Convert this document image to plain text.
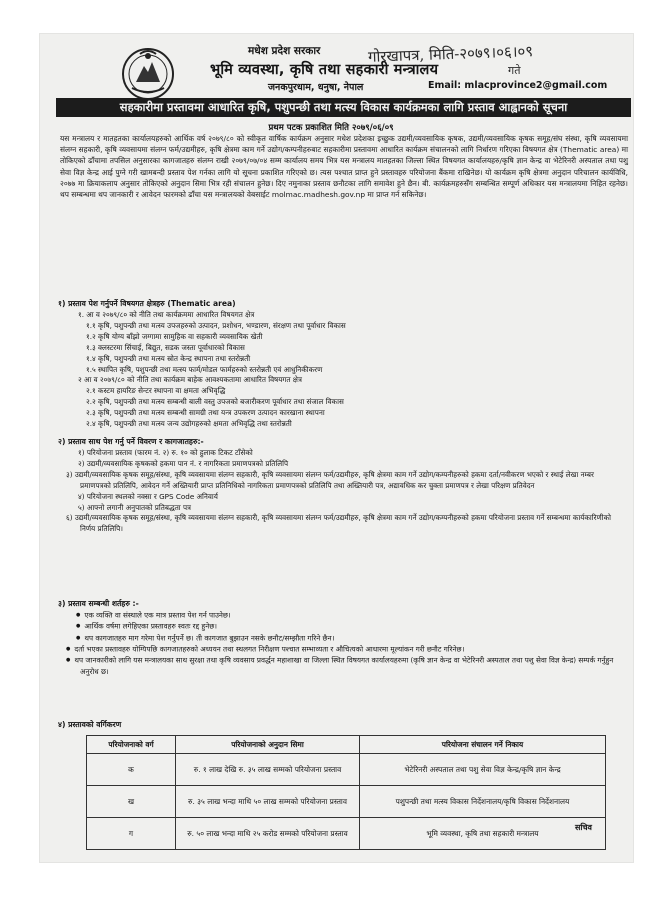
मधेश प्रदेश सरकार
भूमि व्यवस्था, कृषि तथा सहकारी मन्त्रालय
जनकपुरधाम, धनुषा, नेपाल	Email: mlacprovince2@gmail.com
गोरखापत्र, मिति-२०७९।०६।०९
गते
सहकारीमा प्रस्तावमा आधारित कृषि, पशुपन्छी तथा मत्स्य विकास कार्यक्रमका लागि प्रस्ताव आह्वानको सूचना
प्रथम पटक प्रकाशित मिति २०७९/०६/०९
यस मन्त्रालय र मातहतका कार्यालयहरुको आर्थिक वर्ष २०७९/८० को स्वीकृत वार्षिक कार्यक्रम अनुसार मधेश प्रदेशका इच्छुक उद्यमी/व्यवसायिक कृषक, उद्यमी/व्यवसायिक कृषक समूह/संघ संस्था, कृषि व्यवसायमा संलग्न सहकारी, कृषि व्यवसायमा संलग्न फर्म/उद्यमीहरु, कृषि क्षेत्रमा काम गर्ने उद्योग/कम्पनीहरुबाट सहकारीमा प्रस्तावमा आधारित कार्यक्रम संचालनको लागि निर्धारण गरिएका विषयगत क्षेत्र (Thematic area) मा तोकिएको ढाँचामा तपसिल अनुसारका कागजातहरु संलग्न राखी २०७९/०७/०४ सम्म कार्यालय समय भित्र यस मन्त्रालय मातहतका जिल्ला स्थित विषयगत कार्यालयहरु/कृषि ज्ञान केन्द्र वा भेटेरिनरी अस्पताल तथा पशु सेवा विज्ञ केन्द्र आई पुग्ने गरी खामबन्दी प्रस्ताव पेश गर्नका लागि यो सूचना प्रकाशित गरिएको छ। त्यस पश्चात प्राप्त हुने प्रस्तावहरु परियोजना बैंकमा राखिनेछ। यो कार्यक्रम कृषि क्षेत्रमा अनुदान परिचालन कार्यविधि, २०७७ मा क्रियाकलाप अनुसार तोकिएको अनुदान सिमा भित्र रही संचालन हुनेछ। दिए नमुनाका प्रस्ताव छनौटका लागि समावेश हुने छैन। बी. कार्यक्रमहरुसँग सम्बन्धित सम्पूर्ण अधिकार यस मन्त्रालयमा निहित रहनेछ। थप सम्बन्धमा थप जानकारी र आवेदन फारमको ढाँचा यस मन्त्रालयको वेबसाईट molmac.madhesh.gov.np मा प्राप्त गर्न सकिनेछ।
१) प्रस्ताव पेश गर्नुपर्ने विषयगत क्षेत्रहरु (Thematic area)
१. आ व २०७९/८० को नीति तथा कार्यक्रममा आधारित विषयगत क्षेत्र
१.१ कृषि, पशुपन्छी तथा मत्स्य उपजहरुको उत्पादन, प्रशोधन, भण्डारण, संरक्षण तथा पूर्वाधार विकास
१.२ कृषि योग्य बाँझो जग्गामा सामुहिक वा सहकारी व्यवसायिक खेती
१.३ क्लस्टरमा सिंचाई, बिद्युत, सडक जस्ता पूर्वाधारको विकास
१.४ कृषि, पशुपन्छी तथा मत्स्य स्रोत केन्द्र स्थापना तथा स्तरोन्नती
१.५ स्थापित कृषि, पशुपन्छी तथा मत्स्य फार्म/मोडल फार्महरुको स्तरोन्नती एवं आधुनिकीकरण
२ आ व २०७९/८० को नीति तथा कार्यक्रम बाहेक आवश्यकतामा आधारित विषयगत क्षेत्र
२.१ कस्टम हायरिङ सेन्टर स्थापना वा क्षमता अभिवृद्धि
२.२ कृषि, पशुपन्छी तथा मत्स्य सम्बन्धी बाली वस्तु उपजको बजारीकरण पूर्वाधार तथा संजाल विकास
२.३ कृषि, पशुपन्छी तथा मत्स्य सम्बन्धी सामग्री तथा यन्त्र उपकरण उत्पादन कारखाना स्थापना
२.४ कृषि, पशुपन्छी तथा मत्स्य जन्य उद्योगहरुको क्षमता अभिवृद्धि तथा स्तरोन्नती
२) प्रस्ताव साथ पेश गर्नु पर्ने विवरण र कागजातहरु:-
१) परियोजना प्रस्ताव (फारम नं. २) रु. १० को हुलाक टिकट टाँसेको
२) उद्यमी/व्यवसायिक कृषकको हकमा पान नं. र नागरिकता प्रमाणपत्रको प्रतिलिपि
३) उद्यमी/व्यवसायिक कृषक समूह/संस्था, कृषि व्यवसायमा संलग्न सहकारी, कृषि व्यवसायमा संलग्न फर्म/उद्यमीहरु, कृषि क्षेत्रमा काम गर्ने उद्योग/कम्पनीहरुको हकमा दर्ता/नवीकरण भएको र स्थाई लेखा नम्बर प्रमाणपत्रको प्रतिलिपि, आवेदन गर्ने अख्तियारी प्राप्त प्रतिनिधिको नागरिकता प्रमाणपत्रको प्रतिलिपि तथा अख्तियारी पत्र, अद्यावधिक कर चुक्ता प्रमाणपत्र र लेखा परिक्षण प्रतिवेदन
४) परियोजना स्थलको नक्सा र GPS Code अनिवार्य
५) आफ्नो लगानी अनुपातको प्रतिबद्धता पत्र
६) उद्यमी/व्यवसायिक कृषक समूह/संस्था, कृषि व्यवसायमा संलग्न सहकारी, कृषि व्यवसायमा संलग्न फर्म/उद्यमीहरु, कृषि क्षेत्रमा काम गर्ने उद्योग/कम्पनीहरुको हकमा परियोजना प्रस्ताव गर्ने सम्बन्धमा कार्यकारिणीको निर्णय प्रतिलिपि।
३) प्रस्ताव सम्बन्धी शर्तहरु :-
● एक व्यक्ति वा संस्थाले एक मात्र प्रस्ताव पेश गर्न पाउनेछ।
● आर्थिक वर्षमा लगेहिएका प्रस्तावहरु स्वतः रद्द हुनेछ।
● थप कागजातहरु माग गरेमा पेश गर्नुपर्ने छ। ती कागजात बुझाउन नसके छनौट/सम्झौता गरिने छैन।
● दर्ता भएका प्रस्तावहरु योग्यिपछि कागजातहरुको अध्ययन तथा स्थलगत निरीक्षण पश्चात सम्भाव्यता र औचित्यको आधारमा मूल्यांकन गरी छनौट गरिनेछ।
● थप जानकारीको लागि यस मन्त्रालयका साथ सुरक्षा तथा कृषि व्यवसाय प्रवर्द्धन महाशाखा वा जिल्ला स्थित विषयगत कार्यालयहरुमा (कृषि ज्ञान केन्द्र वा भेटेरिनरी अस्पताल तथा पशु सेवा विज्ञ केन्द्र) सम्पर्क गर्नुहुन अनुरोध छ।
४) प्रस्तावको वर्गिकरण
परियोजनाको वर्ग	परियोजनाको अनुदान सिमा	परियोजना संचालन गर्ने निकाय
क	रु. १ लाख देखि रु. ३५ लाख सम्मको परियोजना प्रस्ताव	भेटेरिनरी अस्पताल तथा पशु सेवा विज्ञ केन्द्र/कृषि ज्ञान केन्द्र
ख	रु. ३५ लाख भन्दा माथि ५० लाख सम्मको परियोजना प्रस्ताव	पशुपन्छी तथा मत्स्य विकास निर्देशनालय/कृषि विकास निर्देशनालय
ग	रु. ५० लाख भन्दा माथि २५ करोड सम्मको परियोजना प्रस्ताव	भूमि व्यवस्था, कृषि तथा सहकारी मन्त्रालय
सचिव
